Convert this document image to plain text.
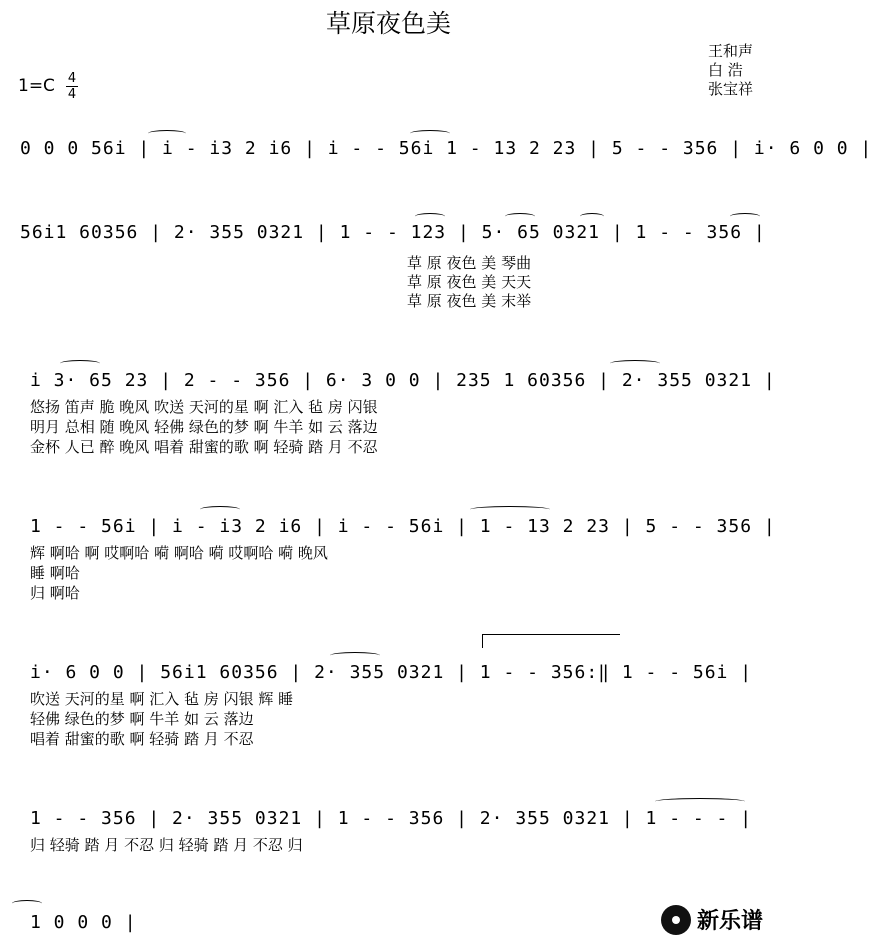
草原夜色美
1=C 4
4
王和声
白 浩
张宝祥
0 0 0 56i | i - i3 2 i6 | i - - 56i 1 - 13 2 23 | 5 - - 356 | i· 6 0 0 |
56i1 60356 | 2· 355 0321 | 1 - - 123 | 5· 65 0321 | 1 - - 356 |
草 原 夜色 美 琴曲
草 原 夜色 美 天天
草 原 夜色 美 末举
i 3· 65 23 | 2 - - 356 | 6· 3 0 0 | 235 1 60356 | 2· 355 0321 |
悠扬 笛声 脆 晚风 吹送 天河的星 啊 汇入 毡 房 闪银
明月 总相 随 晚风 轻佛 绿色的梦 啊 牛羊 如 云 落边
金杯 人已 醉 晚风 唱着 甜蜜的歌 啊 轻骑 踏 月 不忍
1 - - 56i | i - i3 2 i6 | i - - 56i | 1 - 13 2 23 | 5 - - 356 |
辉 啊哈 啊 哎啊哈 嗬 啊哈 嗬 哎啊哈 嗬 晚风
睡 啊哈
归 啊哈
i· 6 0 0 | 56i1 60356 | 2· 355 0321 | 1 - - 356:‖ 1 - - 56i |
吹送 天河的星 啊 汇入 毡 房 闪银 辉 睡
轻佛 绿色的梦 啊 牛羊 如 云 落边
唱着 甜蜜的歌 啊 轻骑 踏 月 不忍
1 - - 356 | 2· 355 0321 | 1 - - 356 | 2· 355 0321 | 1 - - - |
归 轻骑 踏 月 不忍 归 轻骑 踏 月 不忍 归
1 0 0 0 |	新乐谱
